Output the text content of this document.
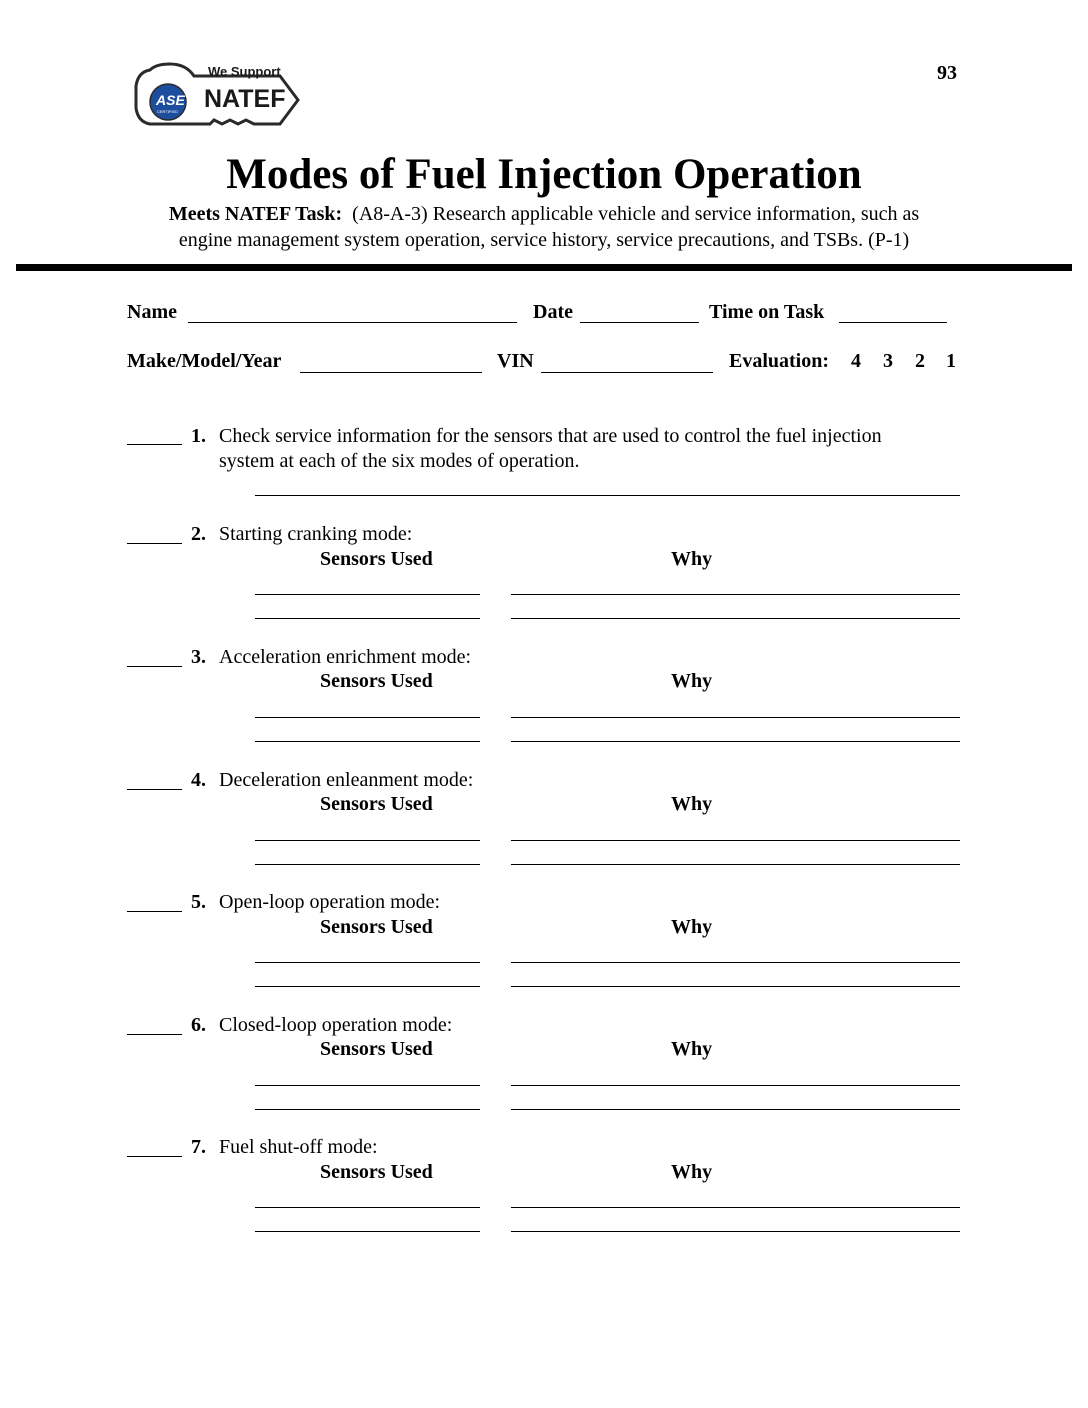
We Support
NATEF
ASE
CERTIFIED
93
Modes of Fuel Injection Operation
Meets NATEF Task: (A8-A-3) Research applicable vehicle and service information, such as
engine management system operation, service history, service precautions, and TSBs. (P-1)
Name	Date	Time on Task
Make/Model/Year	VIN	Evaluation: 4 3 2 1
1. Check service information for the sensors that are used to control the fuel injection
system at each of the six modes of operation.
2. Starting cranking mode:
Sensors Used	Why
3. Acceleration enrichment mode:
Sensors Used	Why
4. Deceleration enleanment mode:
Sensors Used	Why
5. Open-loop operation mode:
Sensors Used	Why
6. Closed-loop operation mode:
Sensors Used	Why
7. Fuel shut-off mode:
Sensors Used	Why
